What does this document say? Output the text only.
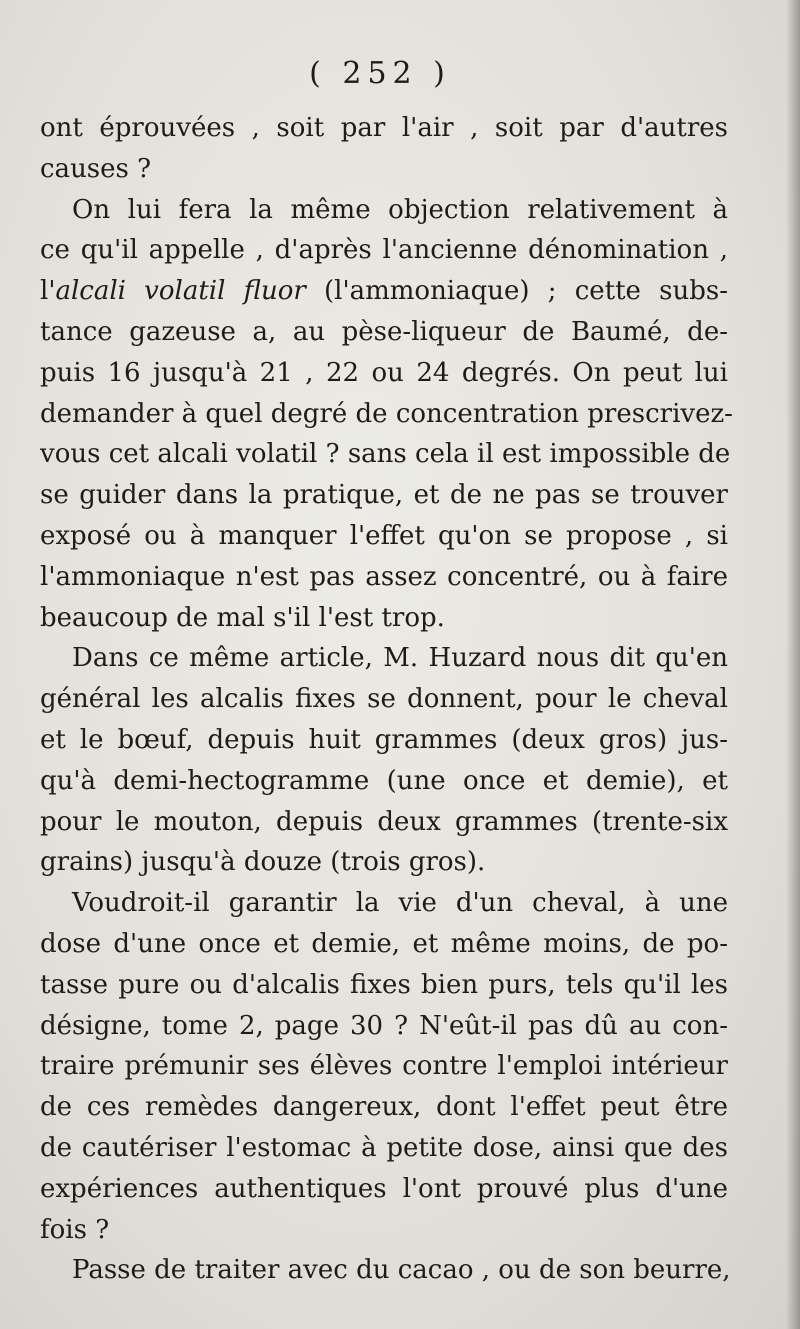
( 252 )

ont éprouvées , soit par l'air , soit par d'autres
causes ?
On lui fera la même objection relativement à
ce qu'il appelle , d'après l'ancienne dénomination ,
l'alcali volatil fluor (l'ammoniaque) ; cette subs-
tance gazeuse a, au pèse-liqueur de Baumé, de-
puis 16 jusqu'à 21 , 22 ou 24 degrés. On peut lui
demander à quel degré de concentration prescrivez-
vous cet alcali volatil ? sans cela il est impossible de
se guider dans la pratique, et de ne pas se trouver
exposé ou à manquer l'effet qu'on se propose , si
l'ammoniaque n'est pas assez concentré, ou à faire
beaucoup de mal s'il l'est trop.
Dans ce même article, M. Huzard nous dit qu'en
général les alcalis fixes se donnent, pour le cheval
et le bœuf, depuis huit grammes (deux gros) jus-
qu'à demi-hectogramme (une once et demie), et
pour le mouton, depuis deux grammes (trente-six
grains) jusqu'à douze (trois gros).
Voudroit-il garantir la vie d'un cheval, à une
dose d'une once et demie, et même moins, de po-
tasse pure ou d'alcalis fixes bien purs, tels qu'il les
désigne, tome 2, page 30 ? N'eût-il pas dû au con-
traire prémunir ses élèves contre l'emploi intérieur
de ces remèdes dangereux, dont l'effet peut être
de cautériser l'estomac à petite dose, ainsi que des
expériences authentiques l'ont prouvé plus d'une
fois ?
Passe de traiter avec du cacao , ou de son beurre,
